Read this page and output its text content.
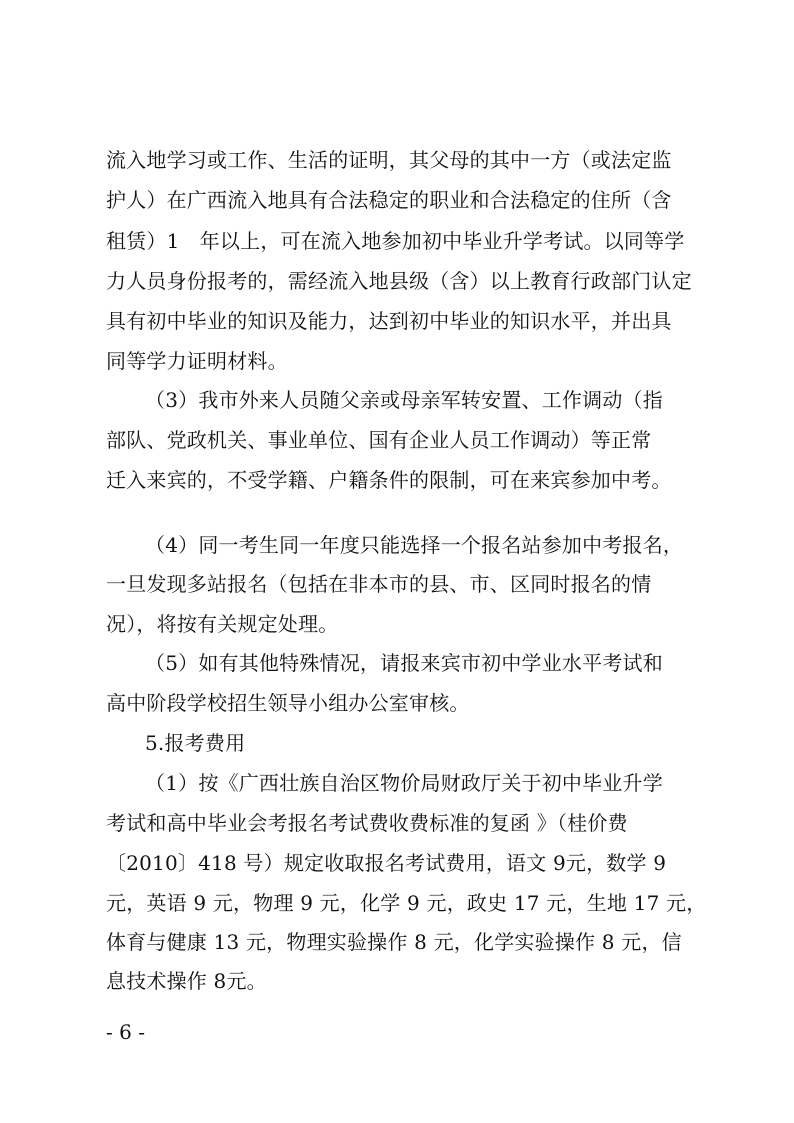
流入地学习或工作、生活的证明，其父母的其中一方（或法定监
护人）在广西流入地具有合法稳定的职业和合法稳定的住所（含
租赁）1　年以上，可在流入地参加初中毕业升学考试。以同等学
力人员身份报考的，需经流入地县级（含）以上教育行政部门认定
具有初中毕业的知识及能力，达到初中毕业的知识水平，并出具
同等学力证明材料。
（3）我市外来人员随父亲或母亲军转安置、工作调动（指
部队、党政机关、事业单位、国有企业人员工作调动）等正常
迁入来宾的，不受学籍、户籍条件的限制，可在来宾参加中考。
（4）同一考生同一年度只能选择一个报名站参加中考报名，
一旦发现多站报名（包括在非本市的县、市、区同时报名的情
况），将按有关规定处理。
（5）如有其他特殊情况，请报来宾市初中学业水平考试和
高中阶段学校招生领导小组办公室审核。
5.报考费用
（1）按《广西壮族自治区物价局财政厅关于初中毕业升学
考试和高中毕业会考报名考试费收费标准的复函 》（桂价费
〔2010〕418 号）规定收取报名考试费用，语文 9元，数学 9
元，英语 9 元，物理 9 元，化学 9 元，政史 17 元，生地 17 元，
体育与健康 13 元，物理实验操作 8 元，化学实验操作 8 元，信
息技术操作 8元。
- 6 -
